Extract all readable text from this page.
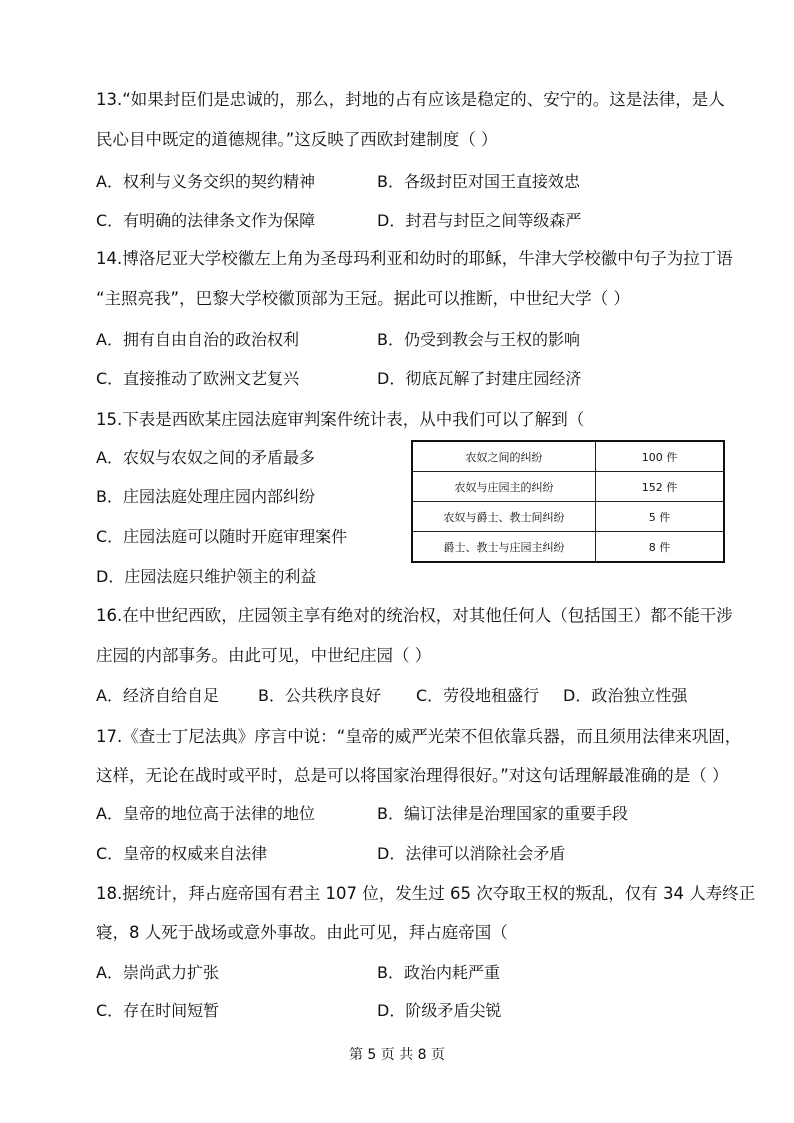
13.“如果封臣们是忠诚的，那么，封地的占有应该是稳定的、安宁的。这是法律，是人
民心目中既定的道德规律。”这反映了西欧封建制度（ ）
A．权利与义务交织的契约精神	B．各级封臣对国王直接效忠
C．有明确的法律条文作为保障	D．封君与封臣之间等级森严
14.博洛尼亚大学校徽左上角为圣母玛利亚和幼时的耶稣，牛津大学校徽中句子为拉丁语
“主照亮我”，巴黎大学校徽顶部为王冠。据此可以推断，中世纪大学（ ）
A．拥有自由自治的政治权利	B．仍受到教会与王权的影响
C．直接推动了欧洲文艺复兴	D．彻底瓦解了封建庄园经济
15.下表是西欧某庄园法庭审判案件统计表，从中我们可以了解到（
A．农奴与农奴之间的矛盾最多
B．庄园法庭处理庄园内部纠纷
C．庄园法庭可以随时开庭审理案件
D．庄园法庭只维护领主的利益
农奴之间的纠纷	100 件
农奴与庄园主的纠纷	152 件
农奴与爵士、教士间纠纷	5 件
爵士、教士与庄园主纠纷	8 件
16.在中世纪西欧，庄园领主享有绝对的统治权，对其他任何人（包括国王）都不能干涉
庄园的内部事务。由此可见，中世纪庄园（ ）
A．经济自给自足 B．公共秩序良好 C．劳役地租盛行 D．政治独立性强
17.《查士丁尼法典》序言中说：“皇帝的威严光荣不但依靠兵器，而且须用法律来巩固，
这样，无论在战时或平时，总是可以将国家治理得很好。”对这句话理解最准确的是（ ）
A．皇帝的地位高于法律的地位	B．编订法律是治理国家的重要手段
C．皇帝的权威来自法律	D．法律可以消除社会矛盾
18.据统计，拜占庭帝国有君主 107 位，发生过 65 次夺取王权的叛乱，仅有 34 人寿终正
寝，8 人死于战场或意外事故。由此可见，拜占庭帝国（
A．崇尚武力扩张	B．政治内耗严重
C．存在时间短暂	D．阶级矛盾尖锐
第 5 页 共 8 页
